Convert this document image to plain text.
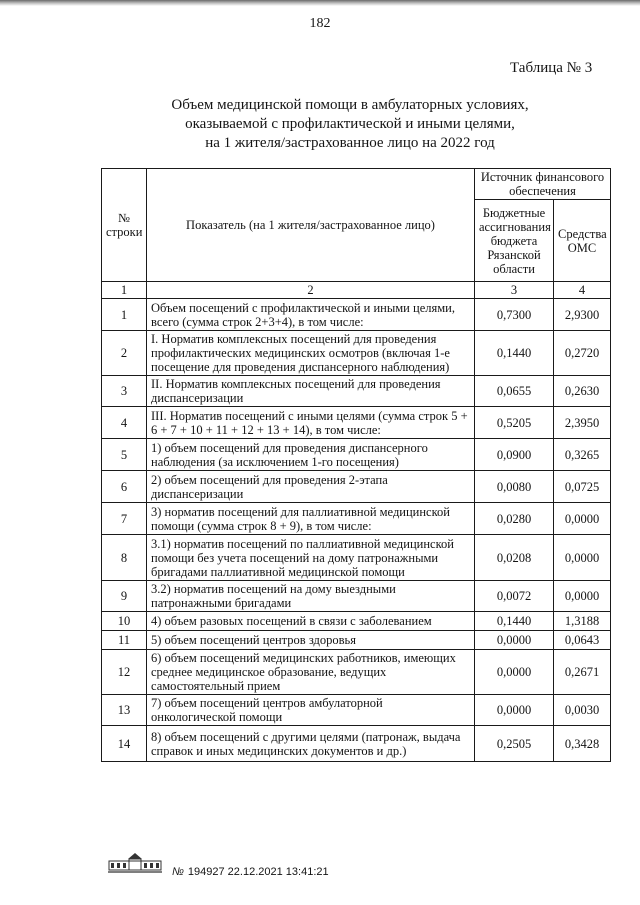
182
Таблица № 3
Объем медицинской помощи в амбулаторных условиях,
оказываемой с профилактической и иными целями,
на 1 жителя/застрахованное лицо на 2022 год
№ строки	Показатель (на 1 жителя/застрахованное лицо)	Источник финансового обеспечения	
		Бюджетные ассигнования бюджета Рязанской области	Средства ОМС
1	2	3	4
1	Объем посещений с профилактической и иными целями, всего (сумма строк 2+3+4), в том числе:	0,7300	2,9300
2	I. Норматив комплексных посещений для проведения профилактических медицинских осмотров (включая 1-е посещение для проведения диспансерного наблюдения)	0,1440	0,2720
3	II. Норматив комплексных посещений для проведения диспансеризации	0,0655	0,2630
4	III. Норматив посещений с иными целями (сумма строк 5 + 6 + 7 + 10 + 11 + 12 + 13 + 14), в том числе:	0,5205	2,3950
5	1) объем посещений для проведения диспансерного наблюдения (за исключением 1-го посещения)	0,0900	0,3265
6	2) объем посещений для проведения 2-этапа диспансеризации	0,0080	0,0725
7	3) норматив посещений для паллиативной медицинской помощи (сумма строк 8 + 9), в том числе:	0,0280	0,0000
8	3.1) норматив посещений по паллиативной медицинской помощи без учета посещений на дому патронажными бригадами паллиативной медицинской помощи	0,0208	0,0000
9	3.2) норматив посещений на дому выездными патронажными бригадами	0,0072	0,0000
10	4) объем разовых посещений в связи с заболеванием	0,1440	1,3188
11	5) объем посещений центров здоровья	0,0000	0,0643
12	6) объем посещений медицинских работников, имеющих среднее медицинское образование, ведущих самостоятельный прием	0,0000	0,2671
13	7) объем посещений центров амбулаторной онкологической помощи	0,0000	0,0030
14	8) объем посещений с другими целями (патронаж, выдача справок и иных медицинских документов и др.)	0,2505	0,3428
№ 194927 22.12.2021 13:41:21
